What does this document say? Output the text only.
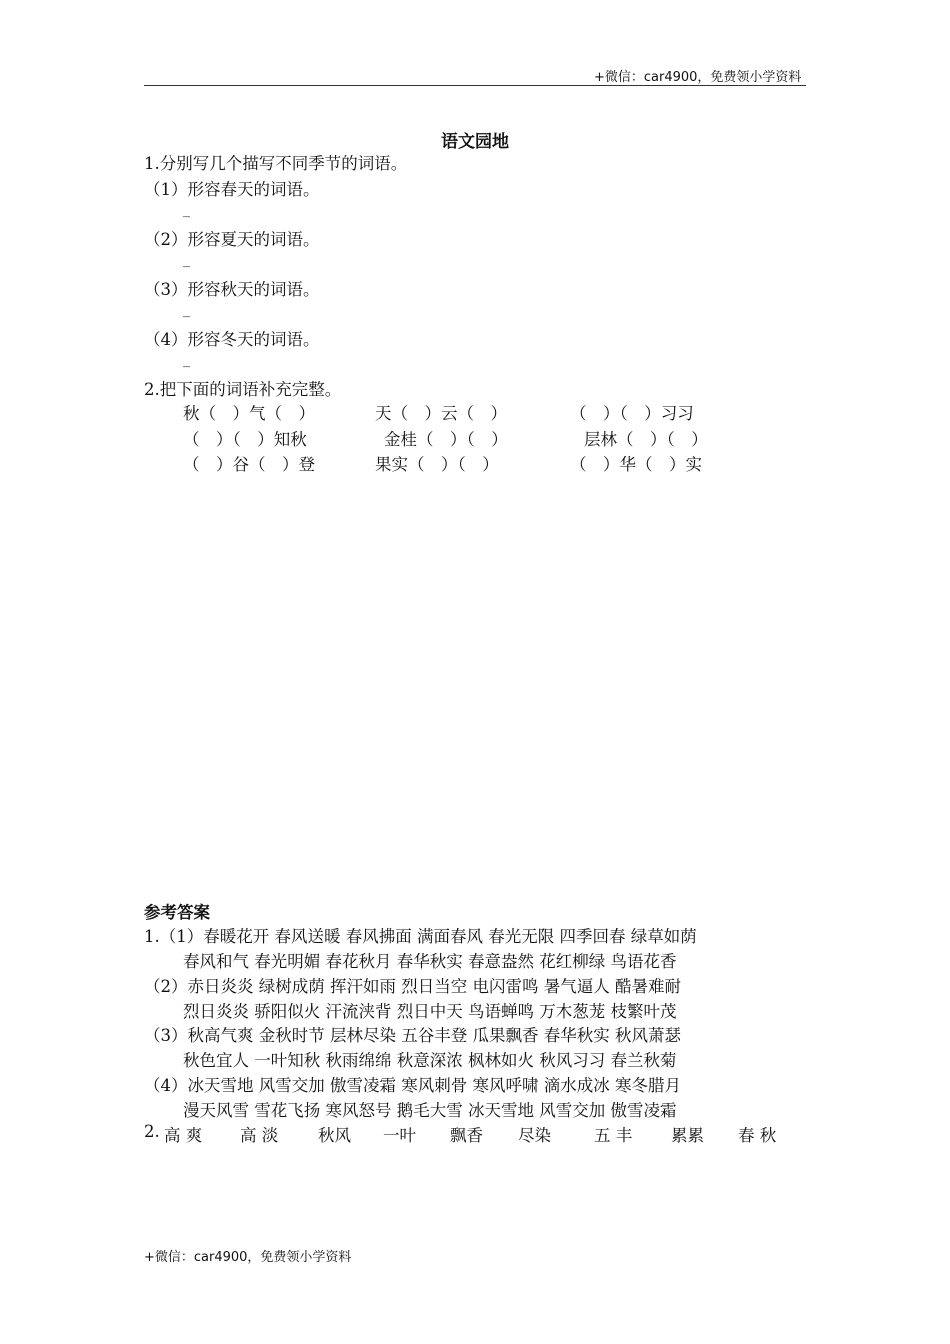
+微信：car4900，免费领小学资料
语文园地
1.分别写几个描写不同季节的词语。
（1）形容春天的词语。
_
（2）形容夏天的词语。
_
（3）形容秋天的词语。
_
（4）形容冬天的词语。
_
2.把下面的词语补充完整。
秋（　）气（　）	天（　）云（　）	（　）（　）习习
（　）（　）知秋	金桂（　）（　）	层林（　）（　）
（　）谷（　）登	果实（　）（　）	（　）华（　）实
参考答案
1.（1）春暖花开 春风送暖 春风拂面 满面春风 春光无限 四季回春 绿草如荫
春风和气 春光明媚 春花秋月 春华秋实 春意盎然 花红柳绿 鸟语花香
（2）赤日炎炎 绿树成荫 挥汗如雨 烈日当空 电闪雷鸣 暑气逼人 酷暑难耐
烈日炎炎 骄阳似火 汗流浃背 烈日中天 鸟语蝉鸣 万木葱茏 枝繁叶茂
（3）秋高气爽 金秋时节 层林尽染 五谷丰登 瓜果飘香 春华秋实 秋风萧瑟
秋色宜人 一叶知秋 秋雨绵绵 秋意深浓 枫林如火 秋风习习 春兰秋菊
（4）冰天雪地 风雪交加 傲雪凌霜 寒风刺骨 寒风呼啸 滴水成冰 寒冬腊月
漫天风雪 雪花飞扬 寒风怒号 鹅毛大雪 冰天雪地 风雪交加 傲雪凌霜
2. 高 爽 高 淡 秋风 一叶 飘香 尽染	五 丰 累累 春 秋
+微信：car4900，免费领小学资料
